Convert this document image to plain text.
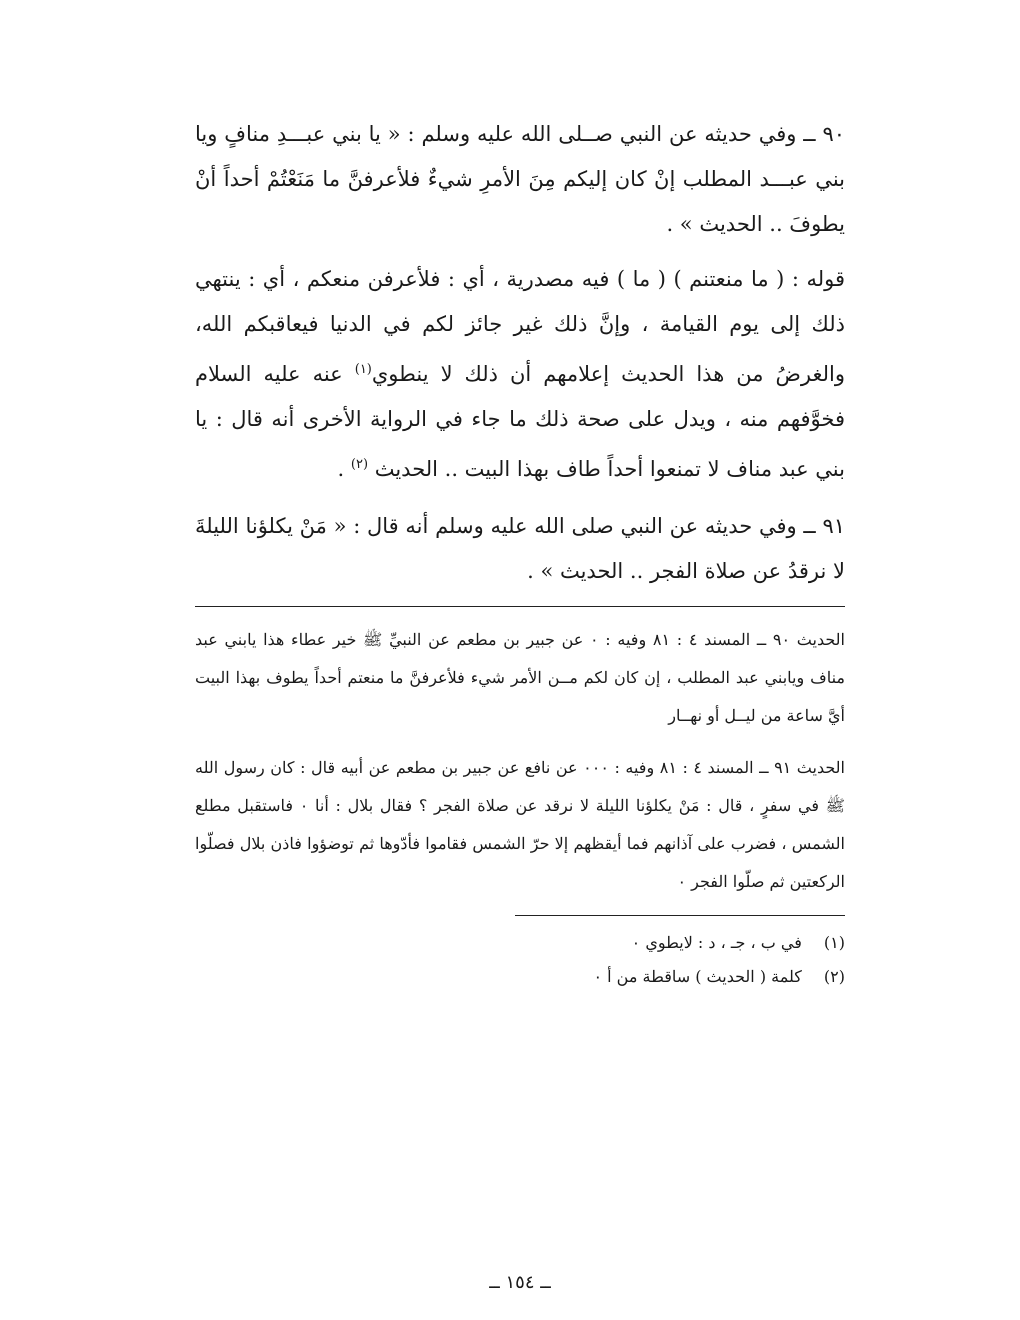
٩٠ ــ وفي حديثه عن النبي صــلى الله عليه وسلم : « يا بني عبـــدِ منافٍ ويا بني عبـــد المطلب إنْ كان إليكم مِنَ الأمرِ شيءٌ فلأعرفنَّ ما مَنَعْتُمْ أحداً أنْ يطوفَ .. الحديث » .

قوله : ( ما منعتنم ) ( ما ) فيه مصدرية ، أي : فلأعرفن منعكم ، أي : ينتهي ذلك إلى يوم القيامة ، وإنَّ ذلك غير جائز لكم في الدنيا فيعاقبكم الله، والغرضُ من هذا الحديث إعلامهم أن ذلك لا ينطوي$^{(١)}$ عنه عليه السلام فخوَّفهم منه ، ويدل على صحة ذلك ما جاء في الرواية الأخرى أنه قال : يا بني عبد مناف لا تمنعوا أحداً طاف بهذا البيت .. الحديث $^{(٢)}$ .

٩١ ــ وفي حديثه عن النبي صلى الله عليه وسلم أنه قال : « مَنْ يكلؤنا الليلةَ لا نرقدُ عن صلاة الفجر .. الحديث » .

الحديث ٩٠ ــ المسند ٤ : ٨١ وفيه : ٠ عن جبير بن مطعم عن النبيِّ ﷺ خير عطاء هذا يابني عبد مناف ويابني عبد المطلب ، إن كان لكم مــن الأمر شيء فلأعرفنَّ ما منعتم أحداً يطوف بهذا البيت أيَّ ساعة من ليــل أو نهــار

الحديث ٩١ ــ المسند ٤ : ٨١ وفيه : ٠٠٠ عن نافع عن جبير بن مطعم عن أبيه قال : كان رسول الله ﷺ في سفرٍ ، قال : مَنْ يكلؤنا الليلة لا نرقد عن صلاة الفجر ؟ فقال بلال : أنا ٠ فاستقبل مطلع الشمس ، فضرب على آذانهم فما أيقظهم إلا حرّ الشمس فقاموا فأدّوها ثم توضؤوا فاذن بلال فصلّوا الركعتين ثم صلّوا الفجر ٠

(١)في ب ، جـ ، د : لايطوي ٠

(٢)كلمة ( الحديث ) ساقطة من أ ٠

ــ ١٥٤ ــ
